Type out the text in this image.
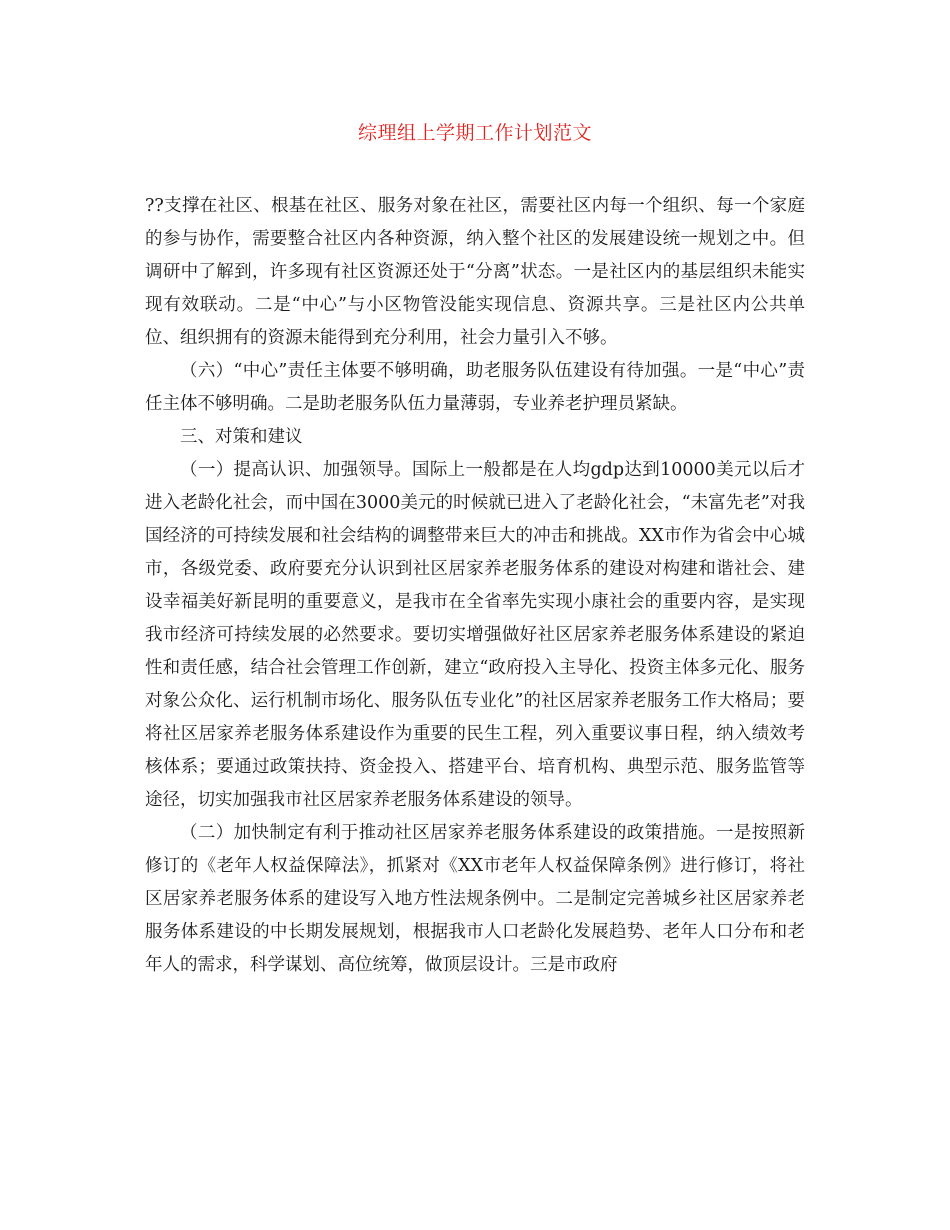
综理组上学期工作计划范文

??支撑在社区、根基在社区、服务对象在社区，需要社区内每一个组织、每一个家庭的参与协作，需要整合社区内各种资源，纳入整个社区的发展建设统一规划之中。但调研中了解到，许多现有社区资源还处于“分离”状态。一是社区内的基层组织未能实现有效联动。二是“中心”与小区物管没能实现信息、资源共享。三是社区内公共单位、组织拥有的资源未能得到充分利用，社会力量引入不够。

（六）“中心”责任主体要不够明确，助老服务队伍建设有待加强。一是“中心”责任主体不够明确。二是助老服务队伍力量薄弱，专业养老护理员紧缺。

三、对策和建议

（一）提高认识、加强领导。国际上一般都是在人均gdp达到10000美元以后才进入老龄化社会，而中国在3000美元的时候就已进入了老龄化社会，“未富先老”对我国经济的可持续发展和社会结构的调整带来巨大的冲击和挑战。XX市作为省会中心城市，各级党委、政府要充分认识到社区居家养老服务体系的建设对构建和谐社会、建设幸福美好新昆明的重要意义，是我市在全省率先实现小康社会的重要内容，是实现我市经济可持续发展的必然要求。要切实增强做好社区居家养老服务体系建设的紧迫性和责任感，结合社会管理工作创新，建立“政府投入主导化、投资主体多元化、服务对象公众化、运行机制市场化、服务队伍专业化”的社区居家养老服务工作大格局；要将社区居家养老服务体系建设作为重要的民生工程，列入重要议事日程，纳入绩效考核体系；要通过政策扶持、资金投入、搭建平台、培育机构、典型示范、服务监管等途径，切实加强我市社区居家养老服务体系建设的领导。

（二）加快制定有利于推动社区居家养老服务体系建设的政策措施。一是按照新修订的《老年人权益保障法》，抓紧对《XX市老年人权益保障条例》进行修订，将社区居家养老服务体系的建设写入地方性法规条例中。二是制定完善城乡社区居家养老服务体系建设的中长期发展规划，根据我市人口老龄化发展趋势、老年人口分布和老年人的需求，科学谋划、高位统筹，做顶层设计。三是市政府
